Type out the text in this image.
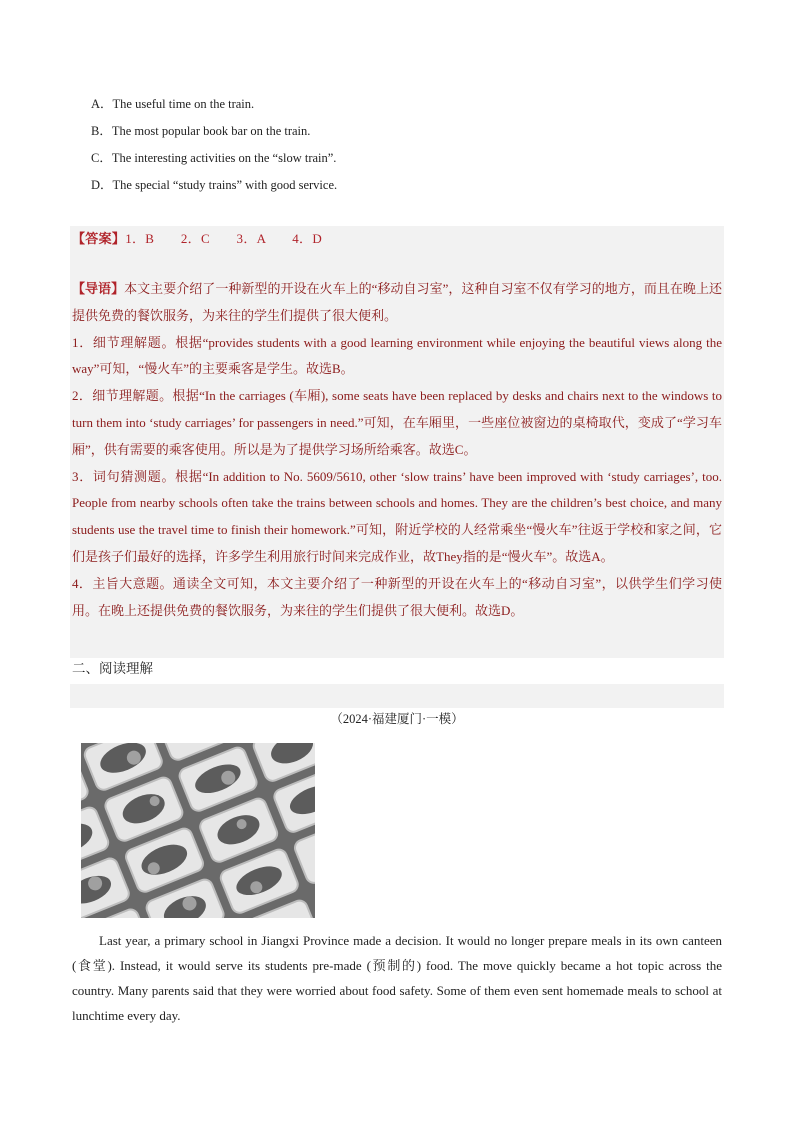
A．The useful time on the train.
B．The most popular book bar on the train.
C．The interesting activities on the “slow train”.
D．The special “study trains” with good service.
【答案】1．B　　2．C　　3．A　　4．D

【导语】本文主要介绍了一种新型的开设在火车上的“移动自习室”，这种自习室不仅有学习的地方，而且在晚上还提供免费的餐饮服务，为来往的学生们提供了很大便利。

1．细节理解题。根据“provides students with a good learning environment while enjoying the beautiful views along the way”可知，“慢火车”的主要乘客是学生。故选B。

2．细节理解题。根据“In the carriages (车厢), some seats have been replaced by desks and chairs next to the windows to turn them into ‘study carriages’ for passengers in need.”可知，在车厢里，一些座位被窗边的桌椅取代，变成了“学习车厢”，供有需要的乘客使用。所以是为了提供学习场所给乘客。故选C。

3．词句猜测题。根据“In addition to No. 5609/5610, other ‘slow trains’ have been improved with ‘study carriages’, too. People from nearby schools often take the trains between schools and homes. They are the children’s best choice, and many students use the travel time to finish their homework.”可知，附近学校的人经常乘坐“慢火车”往返于学校和家之间，它们是孩子们最好的选择，许多学生利用旅行时间来完成作业，故They指的是“慢火车”。故选A。

4．主旨大意题。通读全文可知，本文主要介绍了一种新型的开设在火车上的“移动自习室”，以供学生们学习使用。在晚上还提供免费的餐饮服务，为来往的学生们提供了很大便利。故选D。

二、阅读理解
（2024·福建厦门·一模）

Last year, a primary school in Jiangxi Province made a decision. It would no longer prepare meals in its own canteen (食堂). Instead, it would serve its students pre-made (预制的) food. The move quickly became a hot topic across the country. Many parents said that they were worried about food safety. Some of them even sent homemade meals to school at lunchtime every day.
